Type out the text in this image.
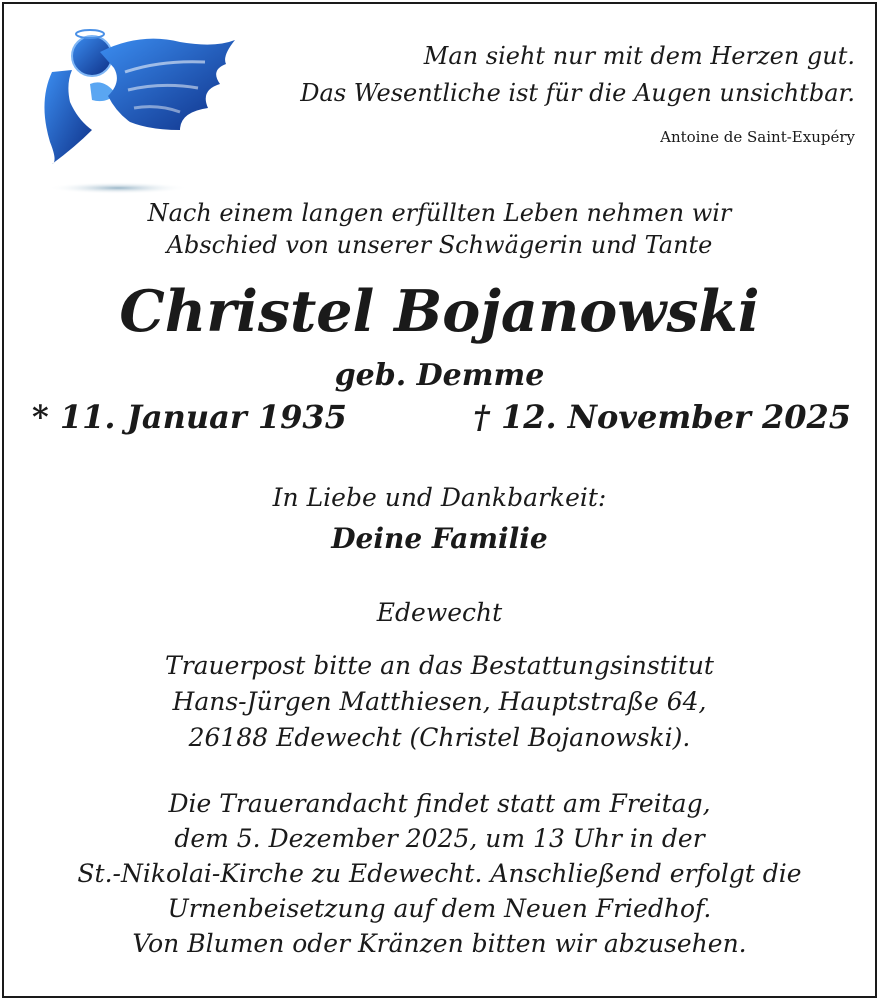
Man sieht nur mit dem Herzen gut.
Das Wesentliche ist für die Augen unsichtbar.
Antoine de Saint-Exupéry
Nach einem langen erfüllten Leben nehmen wir
Abschied von unserer Schwägerin und Tante
Christel Bojanowski
geb. Demme
* 11. Januar 1935	† 12. November 2025
In Liebe und Dankbarkeit:
Deine Familie
Edewecht
Trauerpost bitte an das Bestattungsinstitut
Hans-Jürgen Matthiesen, Hauptstraße 64,
26188 Edewecht (Christel Bojanowski).
Die Trauerandacht findet statt am Freitag,
dem 5. Dezember 2025, um 13 Uhr in der
St.-Nikolai-Kirche zu Edewecht. Anschließend erfolgt die
Urnenbeisetzung auf dem Neuen Friedhof.
Von Blumen oder Kränzen bitten wir abzusehen.
